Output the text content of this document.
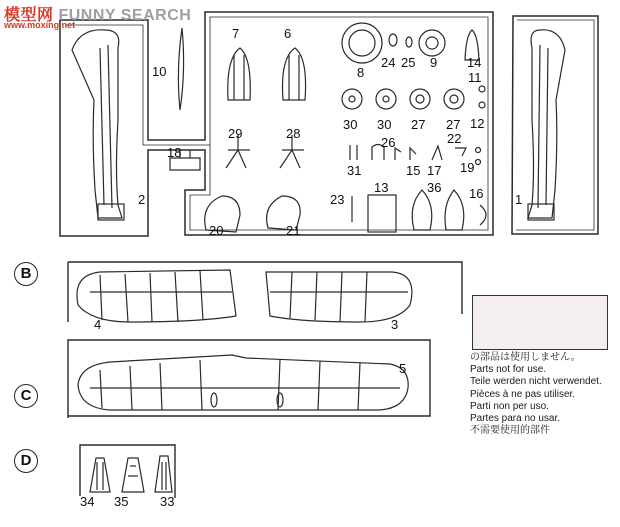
模型网 FUNNY SEARCH
www.moxing.net
B
C
D
1
2
3
4
5
6
7
8
9
10	11
12
13
14
15
16
17
18
19
20	21
22
23
24 25
26
27 27
28
29
30 30
31
33
34 35
36
の部品は使用しません。
Parts not for use.
Teile werden nicht verwendet.
Pièces à ne pas utiliser.
Parti non per uso.
Partes para no usar.
不需要使用的部件
